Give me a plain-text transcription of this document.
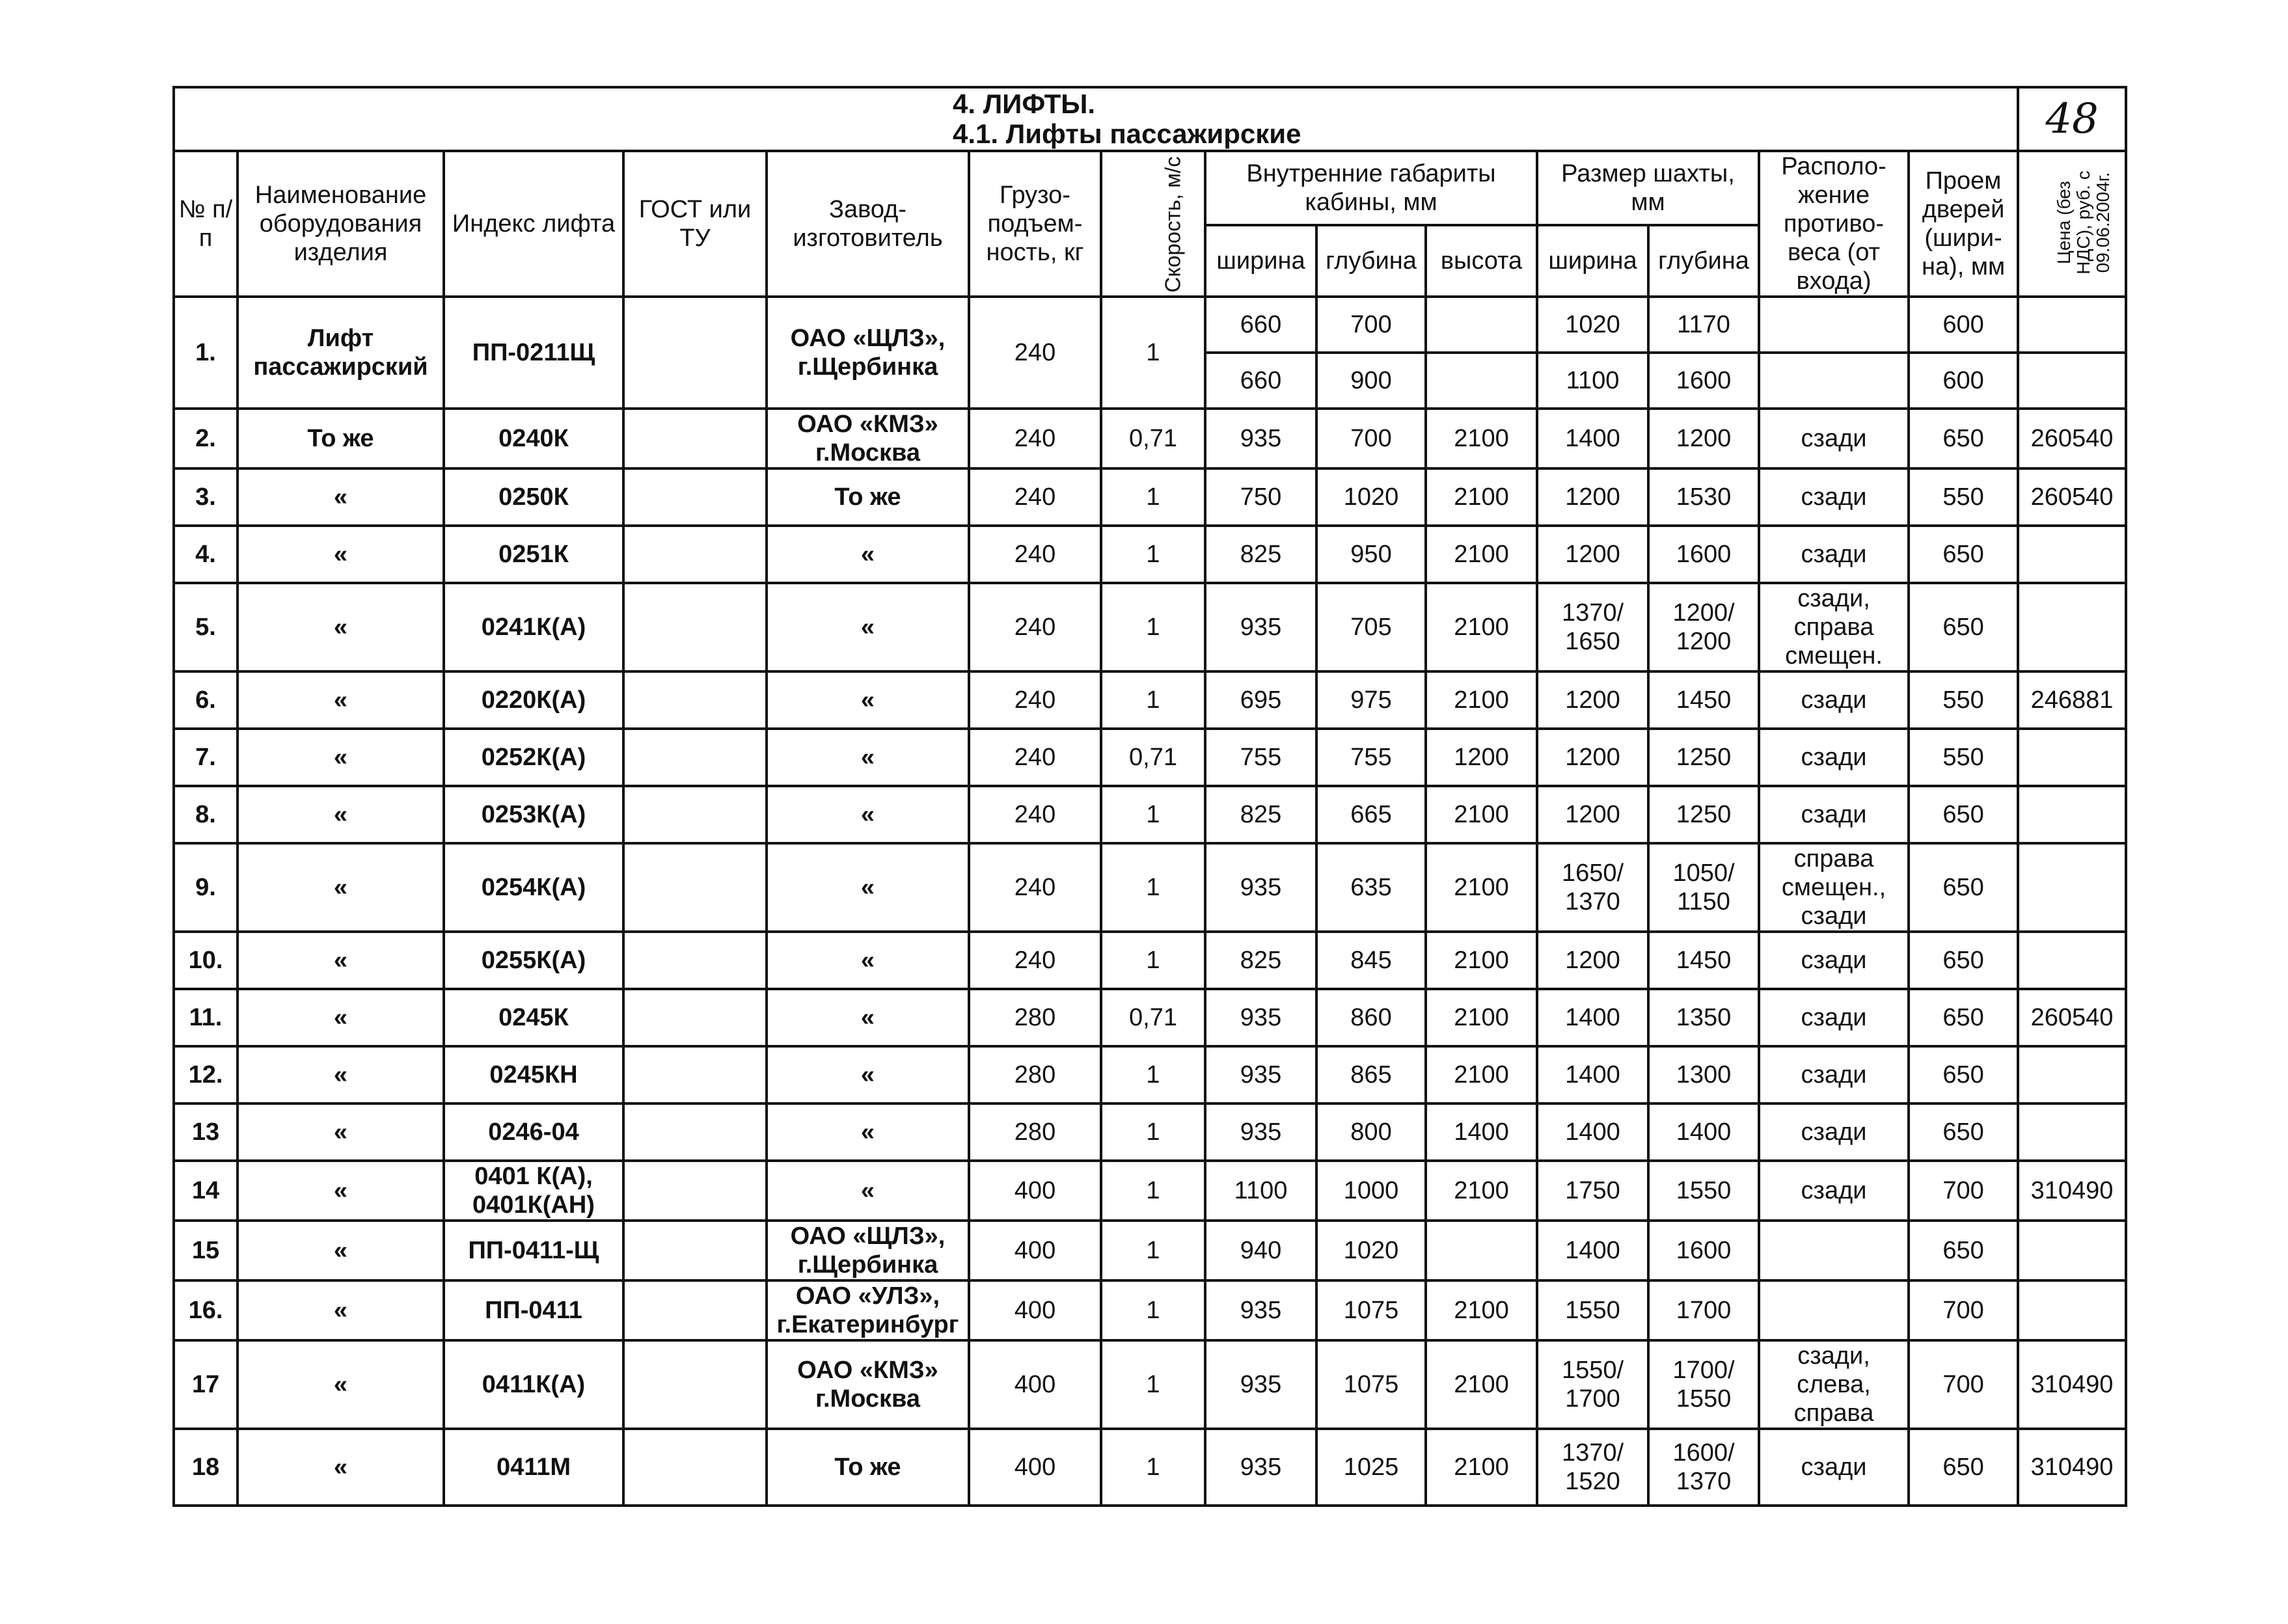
4. ЛИФТЫ.
4.1. Лифты пассажирские														48
№ п/п	Наименование оборудования изделия	Индекс лифта	ГОСТ или ТУ	Завод-изготовитель	Грузо-подъем-ность, кг	Скорость, м/с	Внутренние габариты кабины, мм			Размер шахты, мм		Располо-жение противо-веса (от входа)	Проем дверей (шири-на), мм	Цена (без НДС), руб. с 09.06.2004г.
							ширина	глубина	высота	ширина	глубина			
1.	Лифт пассажирский	ПП-0211Щ		ОАО «ЩЛЗ», г.Щербинка	240	1	660	700		1020	1170		600	
							660	900		1100	1600		600	
2.	То же	0240К		ОАО «КМЗ» г.Москва	240	0,71	935	700	2100	1400	1200	сзади	650	260540
3.	«	0250К		То же	240	1	750	1020	2100	1200	1530	сзади	550	260540
4.	«	0251К		«	240	1	825	950	2100	1200	1600	сзади	650	
5.	«	0241К(А)		«	240	1	935	705	2100	1370/ 1650	1200/ 1200	сзади, справа смещен.	650	
6.	«	0220К(А)		«	240	1	695	975	2100	1200	1450	сзади	550	246881
7.	«	0252К(А)		«	240	0,71	755	755	1200	1200	1250	сзади	550	
8.	«	0253К(А)		«	240	1	825	665	2100	1200	1250	сзади	650	
9.	«	0254К(А)		«	240	1	935	635	2100	1650/ 1370	1050/ 1150	справа смещен., сзади	650	
10.	«	0255К(А)		«	240	1	825	845	2100	1200	1450	сзади	650	
11.	«	0245К		«	280	0,71	935	860	2100	1400	1350	сзади	650	260540
12.	«	0245КН		«	280	1	935	865	2100	1400	1300	сзади	650	
13	«	0246-04		«	280	1	935	800	1400	1400	1400	сзади	650	
14	«	0401 К(А), 0401К(АН)		«	400	1	1100	1000	2100	1750	1550	сзади	700	310490
15	«	ПП-0411-Щ		ОАО «ЩЛЗ», г.Щербинка	400	1	940	1020		1400	1600		650	
16.	«	ПП-0411		ОАО «УЛЗ», г.Екатеринбург	400	1	935	1075	2100	1550	1700		700	
17	«	0411К(А)		ОАО «КМЗ» г.Москва	400	1	935	1075	2100	1550/ 1700	1700/ 1550	сзади, слева, справа	700	310490
18	«	0411М		То же	400	1	935	1025	2100	1370/ 1520	1600/ 1370	сзади	650	310490
